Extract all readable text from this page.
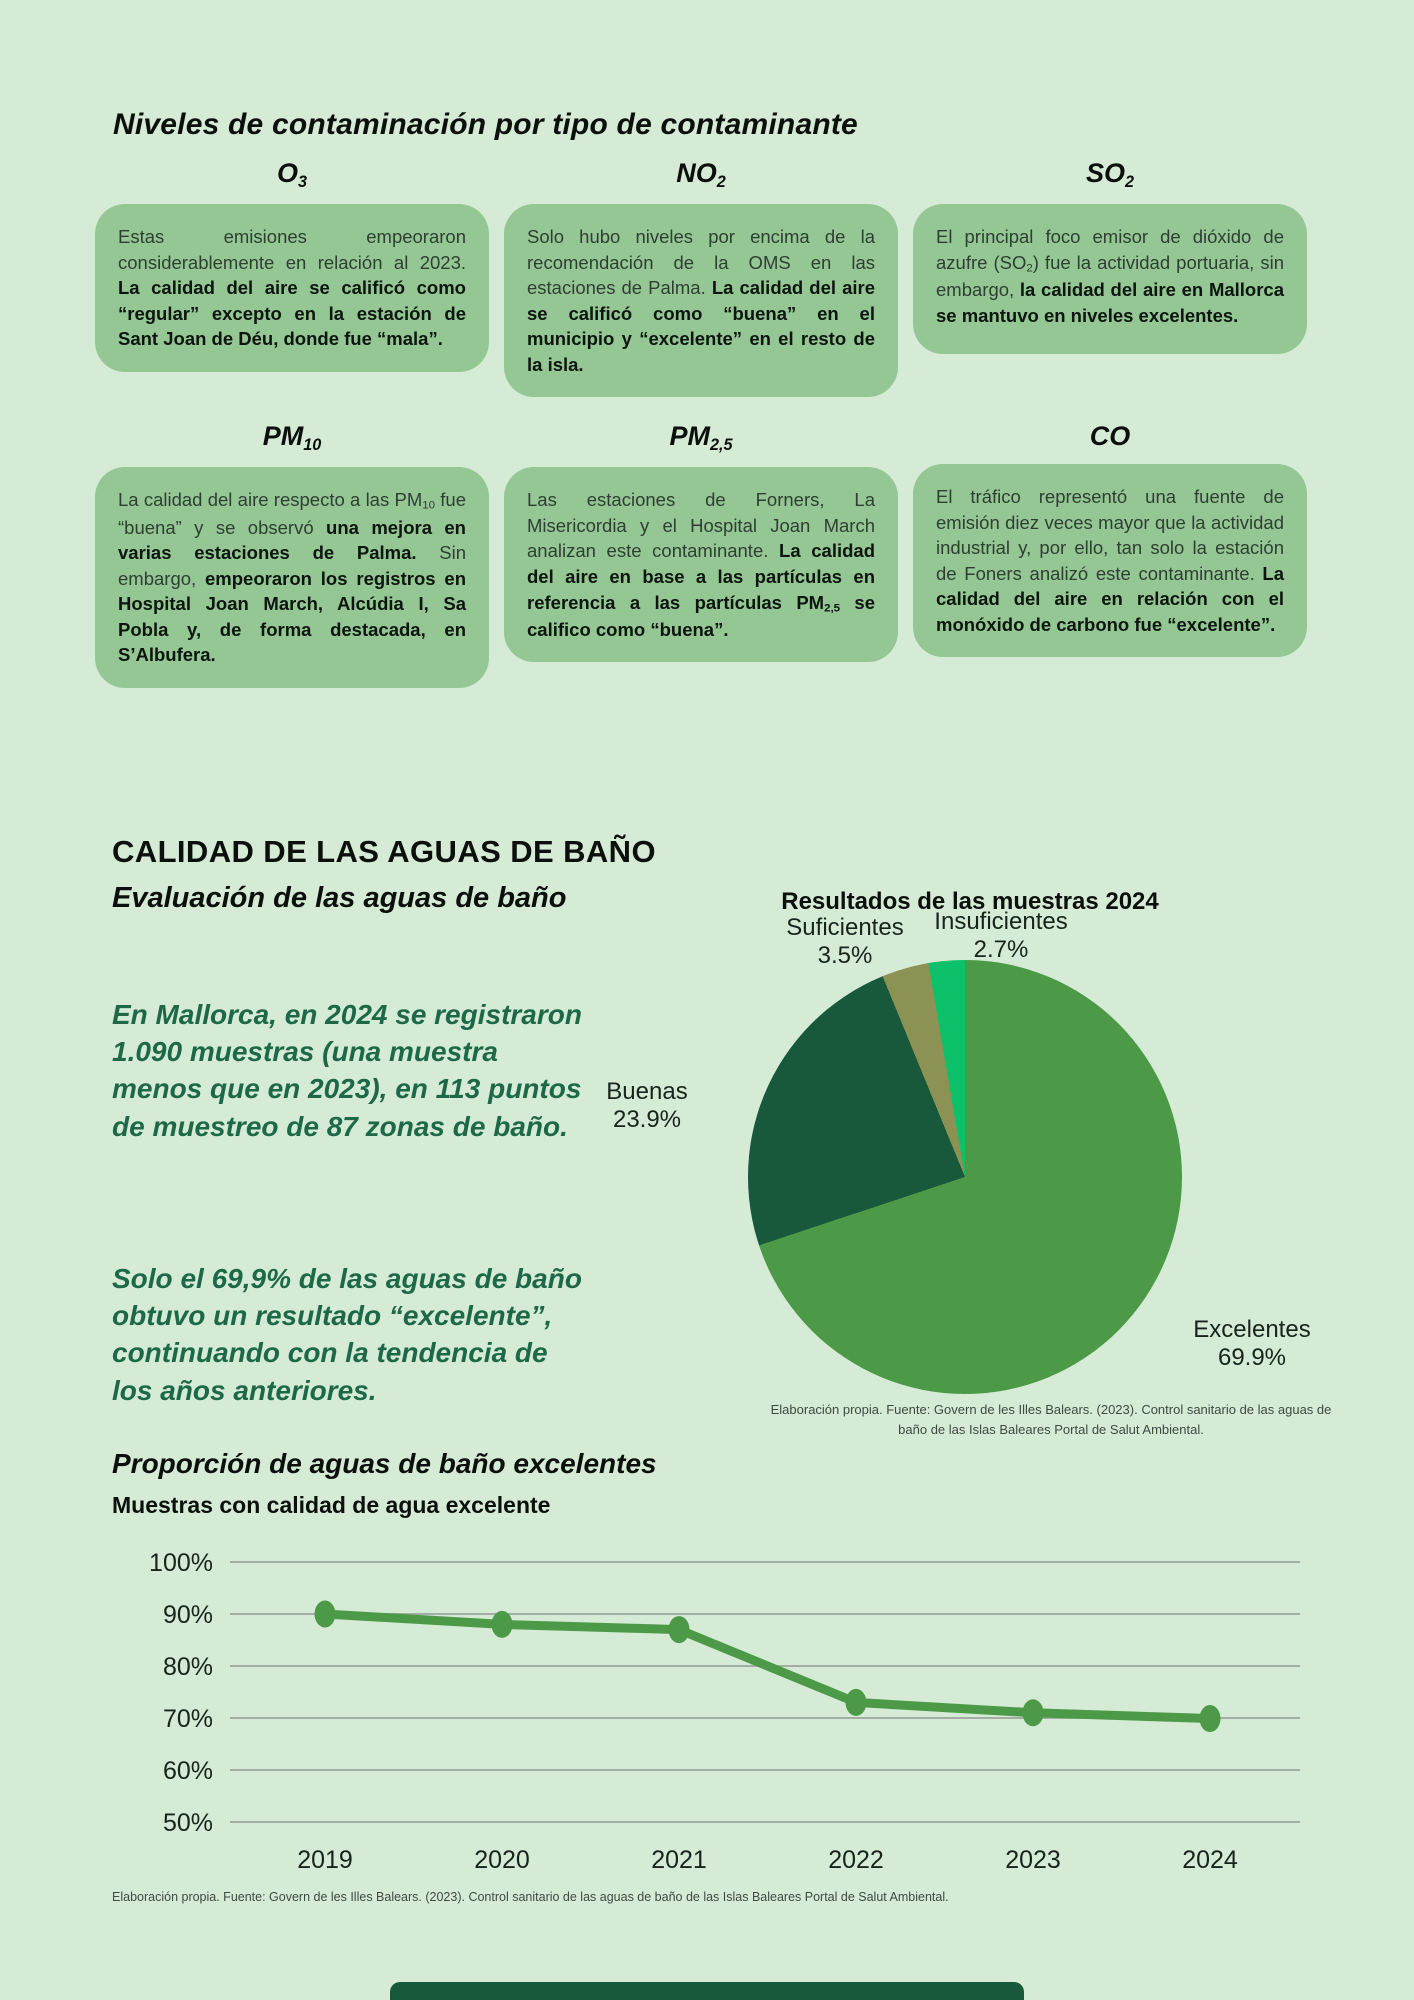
Niveles de contaminación por tipo de contaminante
$O_3$
Estas emisiones empeoraron considerablemente en relación al 2023. La calidad del aire se calificó como “regular” excepto en la estación de Sant Joan de Déu, donde fue “mala”.
$NO_2$
Solo hubo niveles por encima de la recomendación de la OMS en las estaciones de Palma. La calidad del aire se calificó como “buena” en el municipio y “excelente” en el resto de la isla.
$SO_2$
El principal foco emisor de dióxido de azufre $(SO_2)$ fue la actividad portuaria, sin embargo, la calidad del aire en Mallorca se mantuvo en niveles excelentes.
$PM_{10}$
La calidad del aire respecto a las $PM_{10}$ fue “buena” y se observó una mejora en varias estaciones de Palma. Sin embargo, empeoraron los registros en Hospital Joan March, Alcúdia I, Sa Pobla y, de forma destacada, en S’Albufera.
$PM_{2,5}$
Las estaciones de Forners, La Misericordia y el Hospital Joan March analizan este contaminante. La calidad del aire en base a las partículas en referencia a las partículas $PM_{2,5}$ se califico como “buena”.
CO
El tráfico representó una fuente de emisión diez veces mayor que la actividad industrial y, por ello, tan solo la estación de Foners analizó este contaminante. La calidad del aire en relación con el monóxido de carbono fue “excelente”.
CALIDAD DE LAS AGUAS DE BAÑO
Evaluación de las aguas de baño	Resultados de las muestras 2024

En Mallorca, en 2024 se registraron 1.090 muestras (una muestra menos que en 2023), en 113 puntos de muestreo de 87 zonas de baño.

Solo el 69,9% de las aguas de baño obtuvo un resultado “excelente”, continuando con la tendencia de los años anteriores.

Suficientes
3.5%
Insuficientes
2.7%
Buenas
23.9%
Excelentes
69.9%
Elaboración propia. Fuente: Govern de les Illes Balears. (2023). Control sanitario de las aguas de baño de las Islas Baleares Portal de Salut Ambiental.
Proporción de aguas de baño excelentes
Muestras con calidad de agua excelente
100%
90%
80%
70%
60%
50%
2019	2020	2021	2022	2023	2024
Elaboración propia. Fuente: Govern de les Illes Balears. (2023). Control sanitario de las aguas de baño de las Islas Baleares Portal de Salut Ambiental.
